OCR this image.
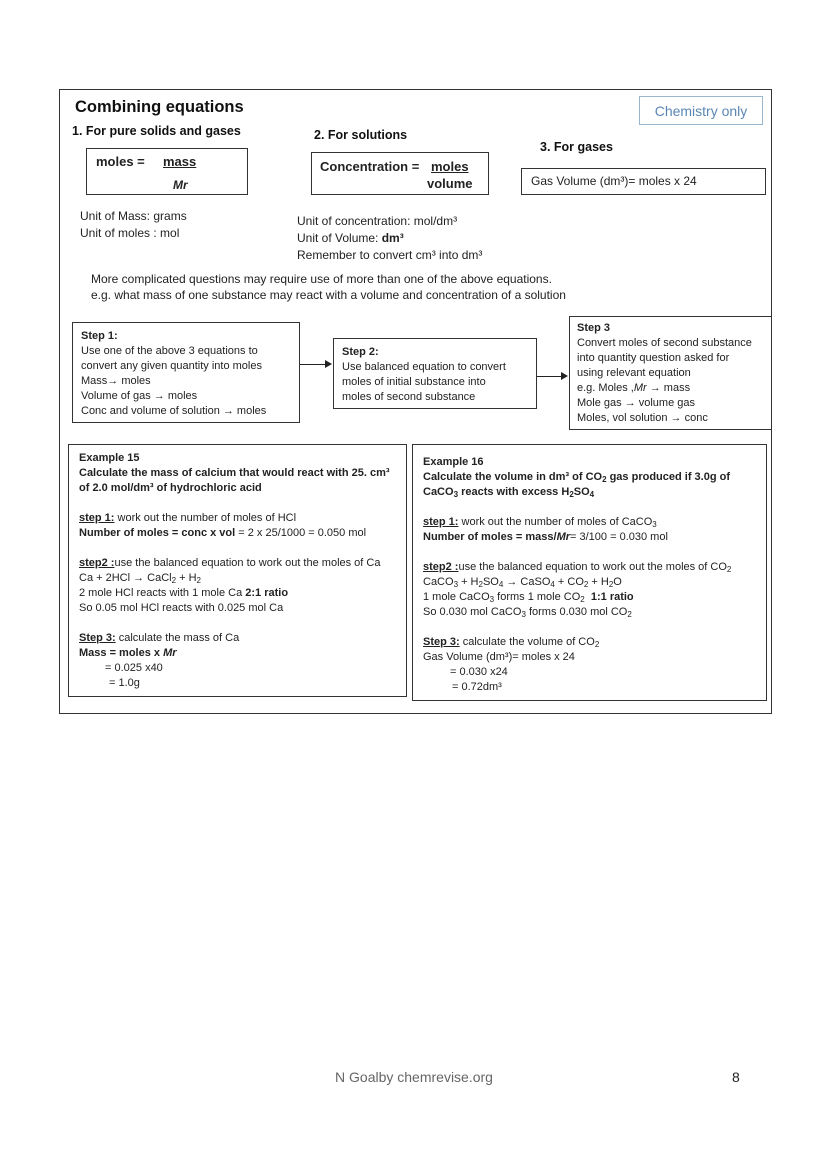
Combining equations	Chemistry only
1. For pure solids and gases
moles = mass
Mr
Unit of Mass: grams
Unit of moles : mol
2. For solutions
Concentration = moles
volume
Unit of concentration: mol/dm³
Unit of Volume: dm³
Remember to convert cm³ into dm³
3. For gases
Gas Volume (dm³)= moles x 24
More complicated questions may require use of more than one of the above equations.
e.g. what mass of one substance may react with a volume and concentration of a solution
Step 1:
Use one of the above 3 equations to
convert any given quantity into moles
Mass→ moles
Volume of gas → moles
Conc and volume of solution → moles
Step 2:
Use balanced equation to convert
moles of initial substance into
moles of second substance
Step 3
Convert moles of second substance
into quantity question asked for
using relevant equation
e.g. Moles ,Mr → mass
Mole gas → volume gas
Moles, vol solution → conc
Example 15
Calculate the mass of calcium that would react with 25. cm³
of 2.0 mol/dm³ of hydrochloric acid
step 1: work out the number of moles of HCl
Number of moles = conc x vol = 2 x 25/1000 = 0.050 mol
step2 :use the balanced equation to work out the moles of Ca
Ca + 2HCl → CaCl$_2$ + $H_2$
2 mole HCl reacts with 1 mole Ca 2:1 ratio
So 0.05 mol HCl reacts with 0.025 mol Ca
Step 3: calculate the mass of Ca
Mass = moles x Mr
= 0.025 x40
= 1.0g
Example 16
Calculate the volume in dm³ of $CO_2$ gas produced if 3.0g of
CaCO$_3$ reacts with excess $H_2SO_4$
step 1: work out the number of moles of CaCO$_3$
Number of moles = mass/Mr= 3/100 = 0.030 mol
step2 :use the balanced equation to work out the moles of $CO_2$
CaCO$_3$ + $H_2SO_4$ → CaSO$_4$ + $CO_2 + H_2O$
1 mole CaCO$_3$ forms 1 mole $CO_2$ 1:1 ratio
So 0.030 mol CaCO$_3$ forms 0.030 mol $CO_2$
Step 3: calculate the volume of $CO_2$
Gas Volume (dm³)= moles x 24
= 0.030 x24
= 0.72dm³
N Goalby chemrevise.org	8
